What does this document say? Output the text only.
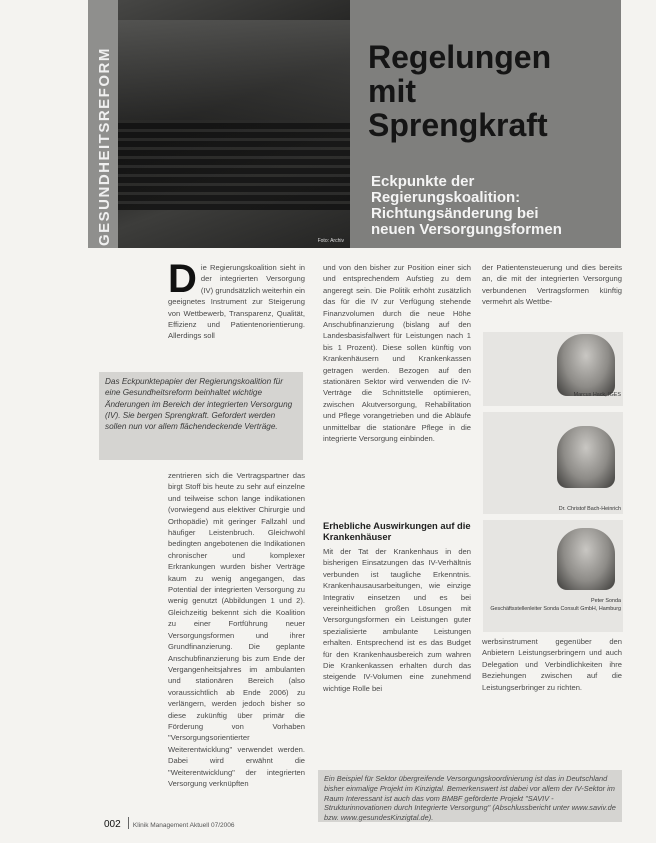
Foto: Archiv
GESUNDHEITSREFORM	Regelungen
mit
Sprengkraft
Eckpunkte der
Regierungskoalition:
Richtungsänderung bei
neuen Versorgungsformen
D ie Regierungskoalition sieht in der integrierten Versorgung (IV) grundsätzlich weiterhin ein geeignetes Instrument zur Steigerung von Wettbewerb, Transparenz, Qualität, Effizienz und Patientenorientierung. Allerdings soll
Das Eckpunktepapier der Regierungskoalition für eine Gesundheitsreform beinhaltet wichtige Änderungen im Bereich der integrierten Versorgung (IV). Sie bergen Sprengkraft. Gefordert werden sollen nun vor allem flächendeckende Verträge.
zentrieren sich die Vertragspartner das birgt Stoff bis heute zu sehr auf einzelne und teilweise schon lange indikationen (vorwiegend aus elektiver Chirurgie und Orthopädie) mit geringer Fallzahl und häufiger Leistenbruch. Gleichwohl bedingten angebotenen die Indikationen chronischer und komplexer Erkrankungen wurden bisher Verträge kaum zu wenig angegangen, das Potential der integrierten Versorgung zu wenig genutzt (Abbildungen 1 und 2). Gleichzeitig bekennt sich die Koalition zu einer Fortführung neuer Versorgungsformen und ihrer Grundfinanzierung. Die geplante Anschubfinanzierung bis zum Ende der Vergangenheitsjahres im ambulanten und stationären Bereich (also voraussichtlich ab Ende 2006) zu verlängern, werden jedoch bisher so diese zukünftig über primär die Förderung von Vorhaben "Versorgungsorientierter Weiterentwicklung" verwendet werden. Dabei wird erwähnt die "Weiterentwicklung" der integrierten Versorgung verknüpften
und von den bisher zur Position einer sich und entsprechendem Aufstieg zu dem angeregt sein. Die Politik erhöht zusätzlich das für die IV zur Verfügung stehende Finanzvolumen durch die neue Höhe Anschubfinanzierung (bislang auf den Landesbasisfallwert für Leistungen nach 1 bis 1 Prozent). Diese sollen künftig von Krankenhäusern und Krankenkassen getragen werden. Bezogen auf den stationären Sektor wird verwenden die IV-Verträge die Schnittstelle optimieren, zwischen Akutversorgung, Rehabilitation und Pflege vorangetrieben und die Abläufe unmittelbar die stationäre Pflege in die integrierte Versorgung einbinden.
Erhebliche Auswirkungen auf die Krankenhäuser
Mit der Tat der Krankenhaus in den bisherigen Einsatzungen das IV-Verhältnis verbunden ist taugliche Erkenntnis. Krankenhausausarbeitungen, wie einzige Integrativ einsetzen und es bei vereinheitlichen großen Lösungen mit Versorgungsformen ein Leistungen guter spezialisierte ambulante Leistungen erhalten. Entsprechend ist es das Budget für den Krankenhausbereich zum wahren Die Krankenkassen erhalten durch das steigende IV-Volumen eine zunehmend wichtige Rolle bei
der Patientensteuerung und dies bereits an, die mit der integrierten Versorgung verbundenen Vertragsformen künftig vermehrt als Wettbe-
Marcus Hack, IGES
Dr. Christof Bach-Heinrich
Peter Sonda
Geschäftsstellenleiter Sonda Consult GmbH, Hamburg
werbsinstrument gegenüber den Anbietern Leistungserbringern und auch Delegation und Verbindlichkeiten ihre Beziehungen zwischen auf die Leistungserbringer zu richten.
Ein Beispiel für Sektor übergreifende Versorgungskoordinierung ist das in Deutschland bisher einmalige Projekt im Kinzigtal. Bemerkenswert ist dabei vor allem der IV-Sektor im Raum Interessant ist auch das vom BMBF geförderte Projekt "SAVIV - Strukturinnovationen durch Integrierte Versorgung" (Abschlussbericht unter www.saviv.de bzw. www.gesundesKinzigtal.de).
002 Klinik Management Aktuell 07/2006
